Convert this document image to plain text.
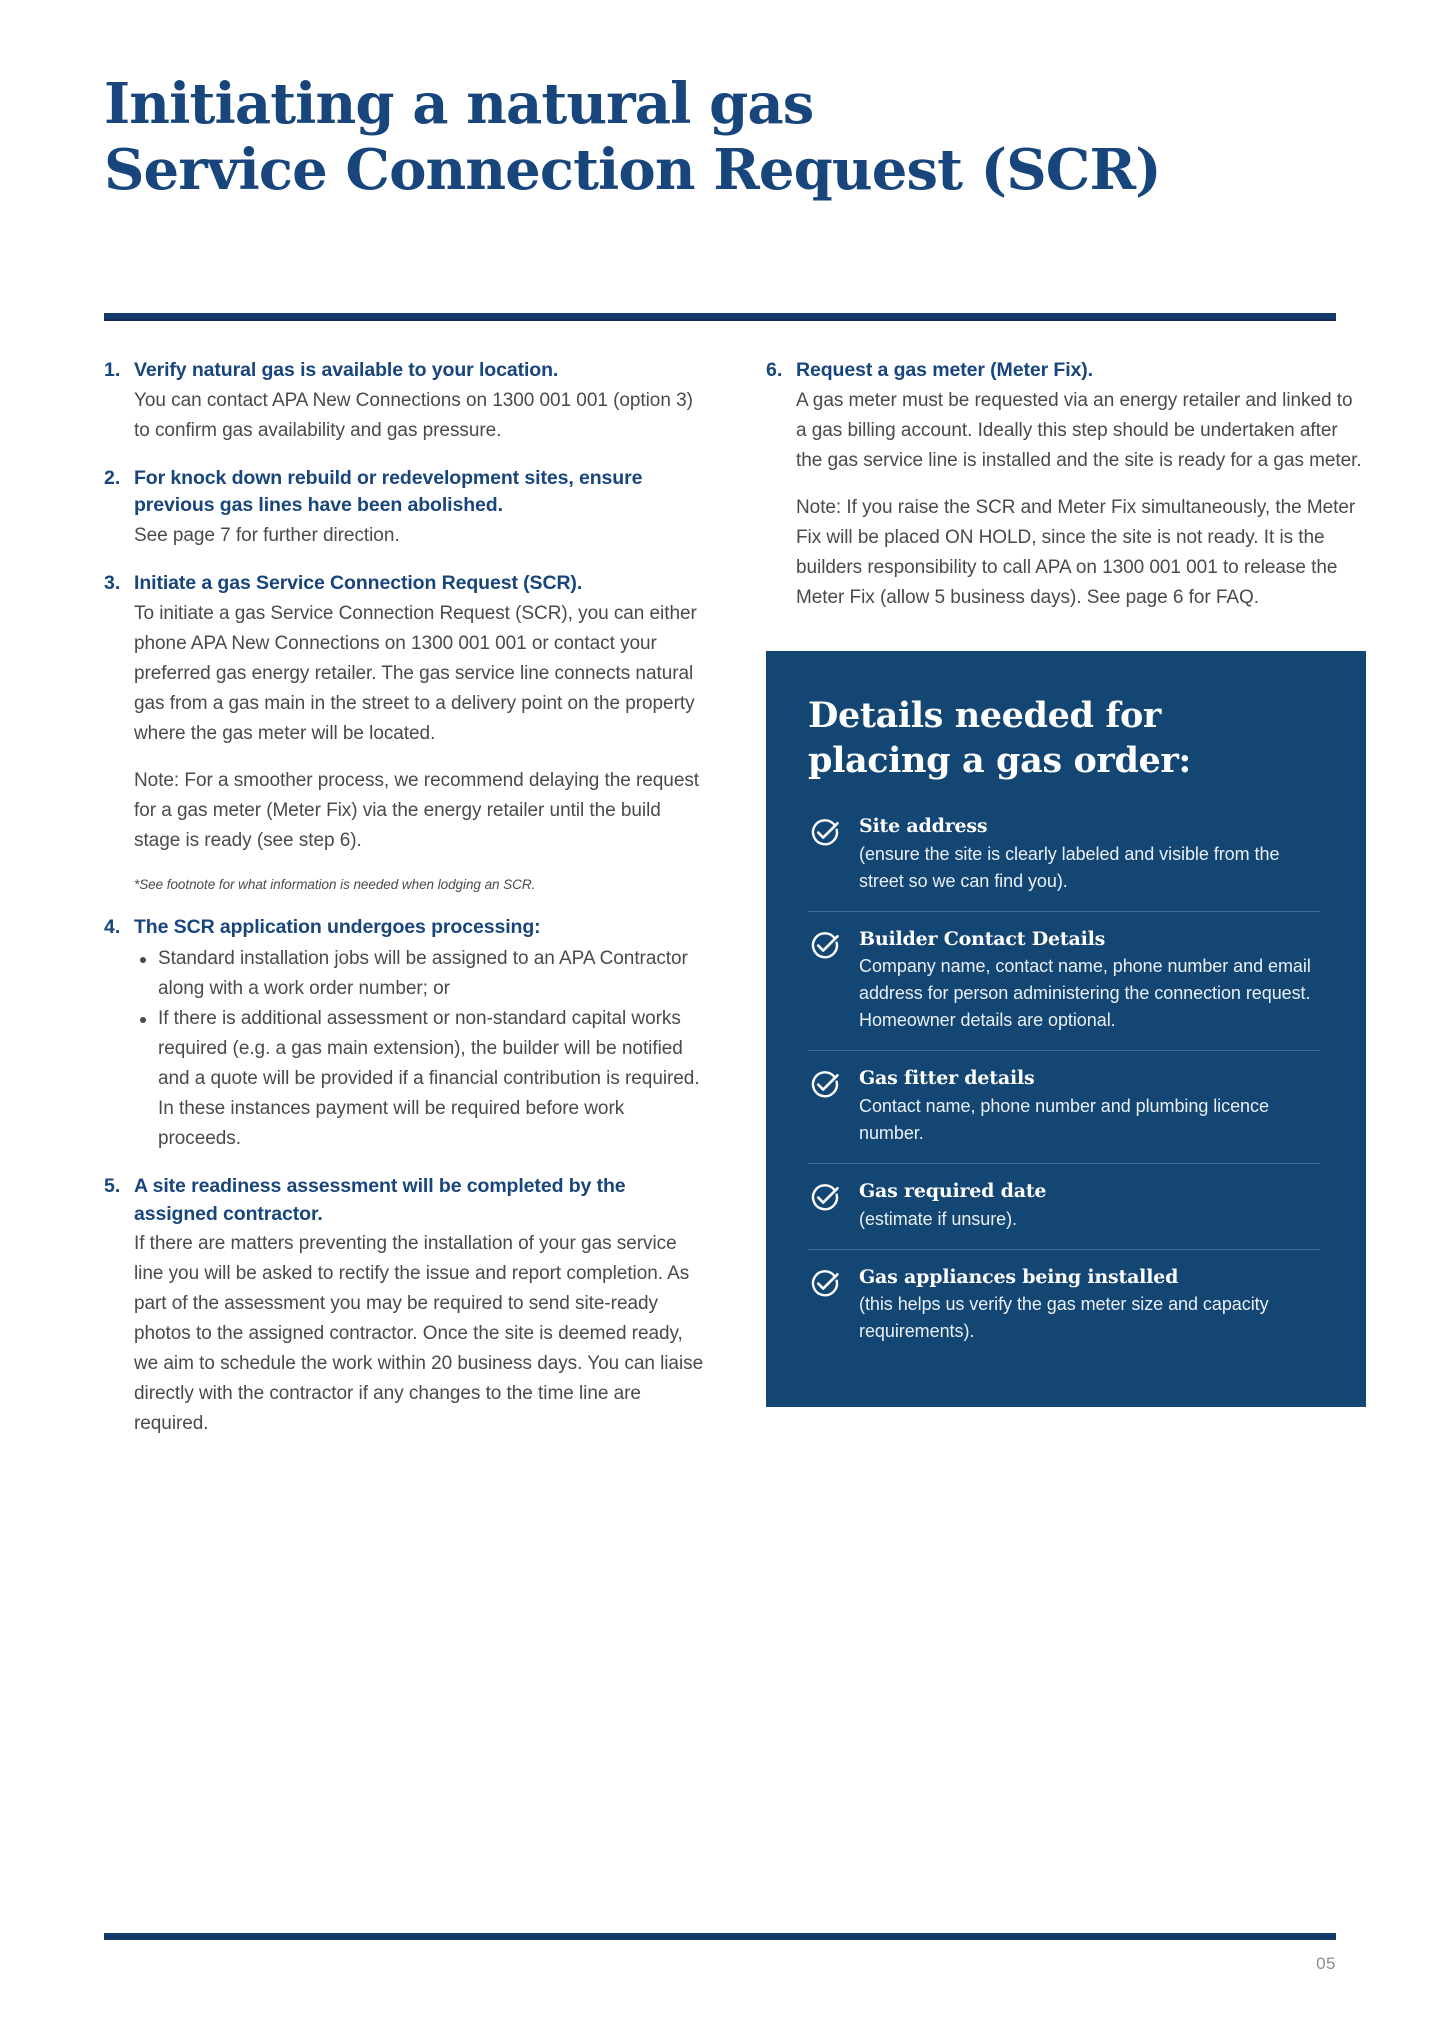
Initiating a natural gas
Service Connection Request (SCR)
1. Verify natural gas is available to your location.
You can contact APA New Connections on 1300 001 001 (option 3) to confirm gas availability and gas pressure.
2. For knock down rebuild or redevelopment sites, ensure previous gas lines have been abolished.
See page 7 for further direction.
3. Initiate a gas Service Connection Request (SCR).
To initiate a gas Service Connection Request (SCR), you can either phone APA New Connections on 1300 001 001 or contact your preferred gas energy retailer. The gas service line connects natural gas from a gas main in the street to a delivery point on the property where the gas meter will be located.
Note: For a smoother process, we recommend delaying the request for a gas meter (Meter Fix) via the energy retailer until the build stage is ready (see step 6).
*See footnote for what information is needed when lodging an SCR.
4. The SCR application undergoes processing:
Standard installation jobs will be assigned to an APA Contractor along with a work order number; or
If there is additional assessment or non-standard capital works required (e.g. a gas main extension), the builder will be notified and a quote will be provided if a financial contribution is required. In these instances payment will be required before work proceeds.
5. A site readiness assessment will be completed by the assigned contractor.
If there are matters preventing the installation of your gas service line you will be asked to rectify the issue and report completion. As part of the assessment you may be required to send site-ready photos to the assigned contractor. Once the site is deemed ready, we aim to schedule the work within 20 business days. You can liaise directly with the contractor if any changes to the time line are required.
6. Request a gas meter (Meter Fix).
A gas meter must be requested via an energy retailer and linked to a gas billing account. Ideally this step should be undertaken after the gas service line is installed and the site is ready for a gas meter.
Note: If you raise the SCR and Meter Fix simultaneously, the Meter Fix will be placed ON HOLD, since the site is not ready. It is the builders responsibility to call APA on 1300 001 001 to release the Meter Fix (allow 5 business days). See page 6 for FAQ.
Details needed for
placing a gas order:
Site address
(ensure the site is clearly labeled and visible from the street so we can find you).
Builder Contact Details
Company name, contact name, phone number and email address for person administering the connection request. Homeowner details are optional.
Gas fitter details
Contact name, phone number and plumbing licence number.
Gas required date
(estimate if unsure).
Gas appliances being installed
(this helps us verify the gas meter size and capacity requirements).
05
